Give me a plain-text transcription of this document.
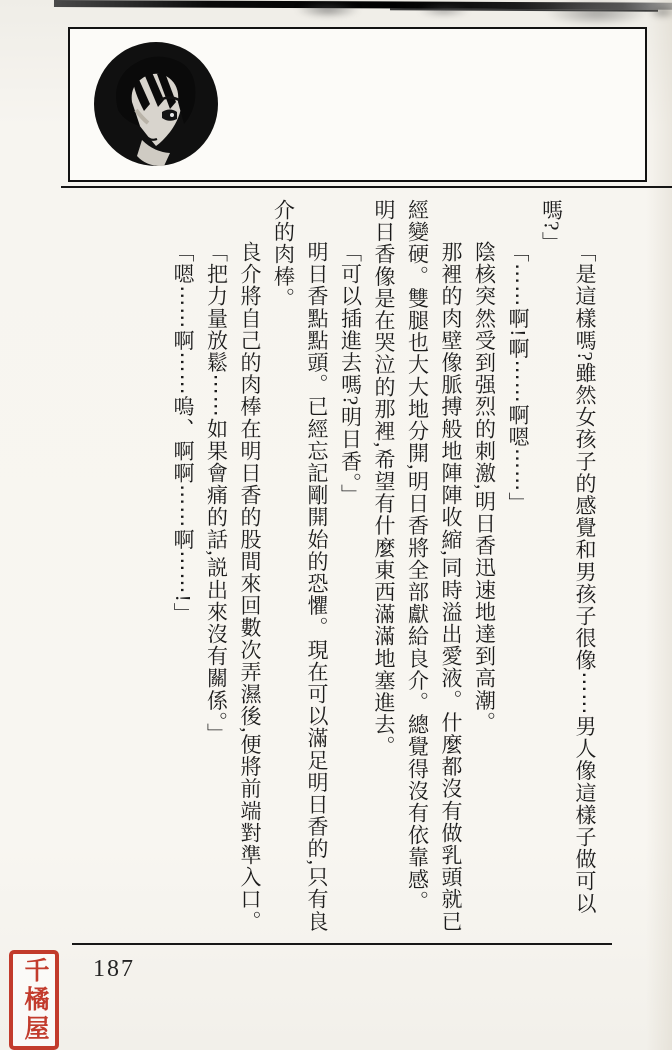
「是這樣嗎?雖然女孩子的感覺和男孩子很像⋯⋯男人像這樣子做可以嗎?」

「⋯⋯啊!啊⋯⋯啊嗯⋯⋯」

陰核突然受到强烈的刺激,明日香迅速地達到高潮。

那裡的肉壁像脈搏般地陣陣收縮,同時溢出愛液。什麼都沒有做乳頭就已經變硬。雙腿也大大地分開,明日香將全部獻給良介。總覺得沒有依靠感。明日香像是在哭泣的那裡,希望有什麼東西滿滿地塞進去。

「可以插進去嗎?明日香。」

明日香點點頭。已經忘記剛開始的恐懼。現在可以滿足明日香的,只有良介的肉棒。

良介將自己的肉棒在明日香的股間來回數次弄濕後,便將前端對準入口。

「把力量放鬆⋯⋯如果會痛的話,説出來沒有關係。」

「嗯⋯⋯啊⋯⋯嗚、啊啊⋯⋯啊⋯⋯!」

187
千橘屋
